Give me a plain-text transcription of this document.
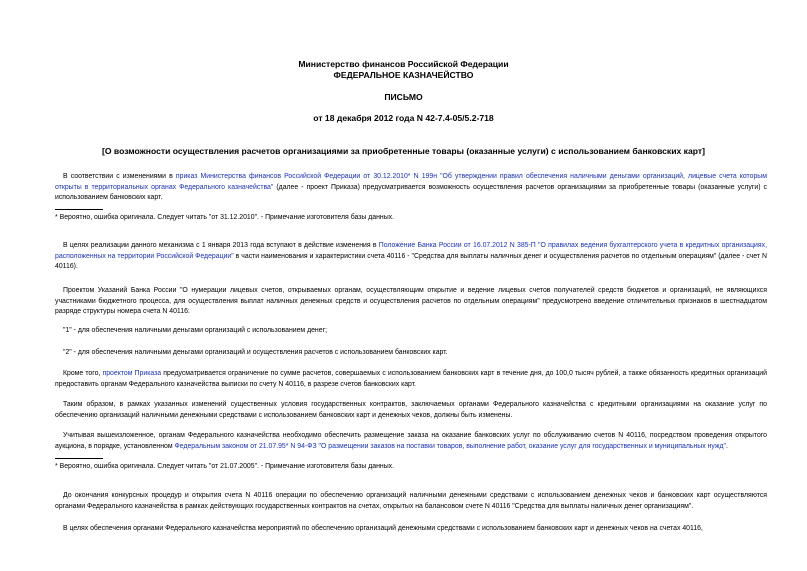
Министерство финансов Российской Федерации
ФЕДЕРАЛЬНОЕ КАЗНАЧЕЙСТВО
ПИСЬМО
от 18 декабря 2012 года N 42-7.4-05/5.2-718
[О возможности осуществления расчетов организациями за приобретенные товары (оказанные услуги) с использованием банковских карт]
В соответствии с изменениями в приказ Министерства финансов Российской Федерации от 30.12.2010* N 199н "Об утверждении правил обеспечения наличными деньгами организаций, лицевые счета которым открыты в территориальных органах Федерального казначейства" (далее - проект Приказа) предусматривается возможность осуществления расчетов организациями за приобретенные товары (оказанные услуги) с использованием банковских карт.
* Вероятно, ошибка оригинала. Следует читать "от 31.12.2010". - Примечание изготовителя базы данных.
В целях реализации данного механизма с 1 января 2013 года вступают в действие изменения в Положение Банка России от 16.07.2012 N 385-П "О правилах ведения бухгалтерского учета в кредитных организациях, расположенных на территории Российской Федерации" в части наименования и характеристики счета 40116 - "Средства для выплаты наличных денег и осуществления расчетов по отдельным операциям" (далее - счет N 40116).
Проектом Указаний Банка России "О нумерации лицевых счетов, открываемых органам, осуществляющим открытие и ведение лицевых счетов получателей средств бюджетов и организаций, не являющихся участниками бюджетного процесса, для осуществления выплат наличных денежных средств и осуществления расчетов по отдельным операциям" предусмотрено введение отличительных признаков в шестнадцатом разряде структуры номера счета N 40116:
"1" - для обеспечения наличными деньгами организаций с использованием денег;
"2" - для обеспечения наличными деньгами организаций и осуществления расчетов с использованием банковских карт.
Кроме того, проектом Приказа предусматривается ограничение по сумме расчетов, совершаемых с использованием банковских карт в течение дня, до 100,0 тысяч рублей, а также обязанность кредитных организаций предоставить органам Федерального казначейства выписки по счету N 40116, в разрезе счетов банковских карт.
Таким образом, в рамках указанных изменений существенных условия государственных контрактов, заключаемых органами Федерального казначейства с кредитными организациями на оказание услуг по обеспечению организаций наличными денежными средствами с использованием банковских карт и денежных чеков, должны быть изменены.
Учитывая вышеизложенное, органам Федерального казначейства необходимо обеспечить размещение заказа на оказание банковских услуг по обслуживанию счетов N 40116, посредством проведения открытого аукциона, в порядке, установленном Федеральным законом от 21.07.95* N 94-ФЗ "О размещении заказов на поставки товаров, выполнение работ, оказание услуг для государственных и муниципальных нужд".
* Вероятно, ошибка оригинала. Следует читать "от 21.07.2005". - Примечание изготовителя базы данных.
До окончания конкурсных процедур и открытия счета N 40116 операции по обеспечению организаций наличными денежными средствами с использованием денежных чеков и банковских карт осуществляются органами Федерального казначейства в рамках действующих государственных контрактов на счетах, открытых на балансовом счете N 40116 "Средства для выплаты наличных денег организациям".
В целях обеспечения органами Федерального казначейства мероприятий по обеспечению организаций денежными средствами с использованием банковских карт и денежных чеков на счетах 40116,
